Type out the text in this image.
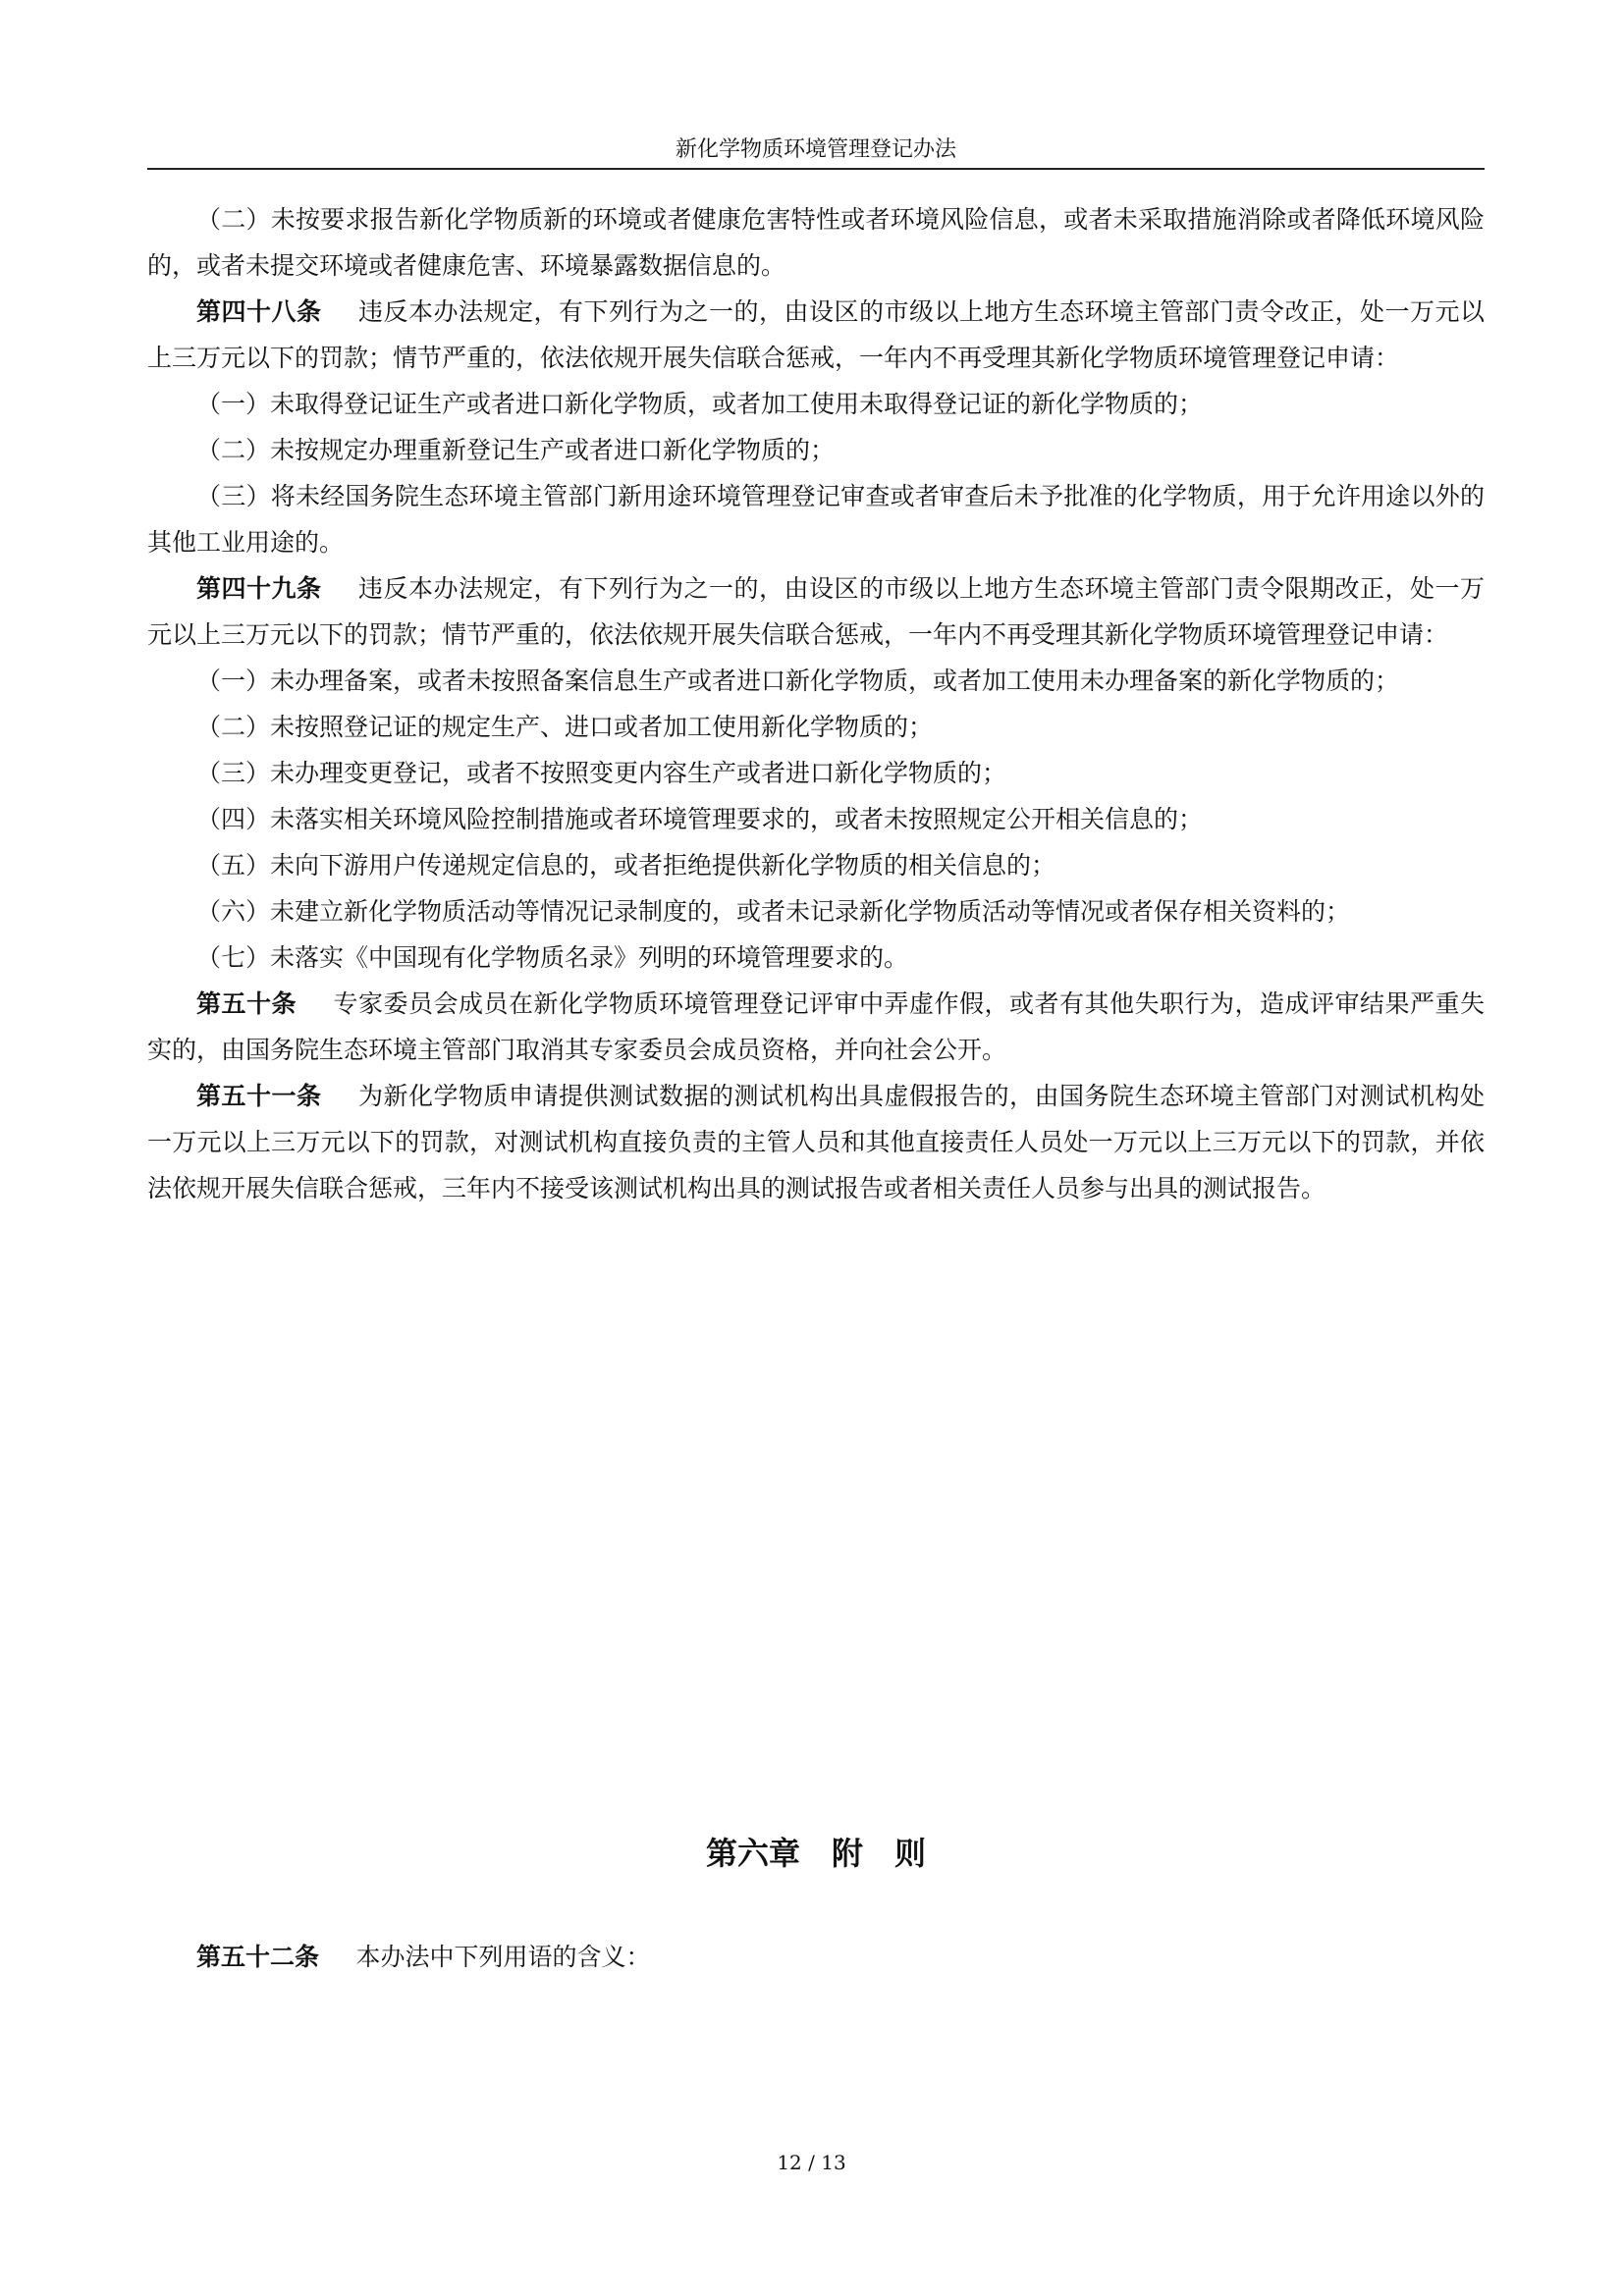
新化学物质环境管理登记办法

（二）未按要求报告新化学物质新的环境或者健康危害特性或者环境风险信息，或者未采取措施消除或者降低环境风险的，或者未提交环境或者健康危害、环境暴露数据信息的。

第四十八条 违反本办法规定，有下列行为之一的，由设区的市级以上地方生态环境主管部门责令改正，处一万元以上三万元以下的罚款；情节严重的，依法依规开展失信联合惩戒，一年内不再受理其新化学物质环境管理登记申请：

（一）未取得登记证生产或者进口新化学物质，或者加工使用未取得登记证的新化学物质的；

（二）未按规定办理重新登记生产或者进口新化学物质的；

（三）将未经国务院生态环境主管部门新用途环境管理登记审查或者审查后未予批准的化学物质，用于允许用途以外的其他工业用途的。

第四十九条 违反本办法规定，有下列行为之一的，由设区的市级以上地方生态环境主管部门责令限期改正，处一万元以上三万元以下的罚款；情节严重的，依法依规开展失信联合惩戒，一年内不再受理其新化学物质环境管理登记申请：

（一）未办理备案，或者未按照备案信息生产或者进口新化学物质，或者加工使用未办理备案的新化学物质的；

（二）未按照登记证的规定生产、进口或者加工使用新化学物质的；

（三）未办理变更登记，或者不按照变更内容生产或者进口新化学物质的；

（四）未落实相关环境风险控制措施或者环境管理要求的，或者未按照规定公开相关信息的；

（五）未向下游用户传递规定信息的，或者拒绝提供新化学物质的相关信息的；

（六）未建立新化学物质活动等情况记录制度的，或者未记录新化学物质活动等情况或者保存相关资料的；

（七）未落实《中国现有化学物质名录》列明的环境管理要求的。

第五十条 专家委员会成员在新化学物质环境管理登记评审中弄虚作假，或者有其他失职行为，造成评审结果严重失实的，由国务院生态环境主管部门取消其专家委员会成员资格，并向社会公开。

第五十一条 为新化学物质申请提供测试数据的测试机构出具虚假报告的，由国务院生态环境主管部门对测试机构处一万元以上三万元以下的罚款，对测试机构直接负责的主管人员和其他直接责任人员处一万元以上三万元以下的罚款，并依法依规开展失信联合惩戒，三年内不接受该测试机构出具的测试报告或者相关责任人员参与出具的测试报告。

第六章　附　则

第五十二条 本办法中下列用语的含义：

12 / 13
